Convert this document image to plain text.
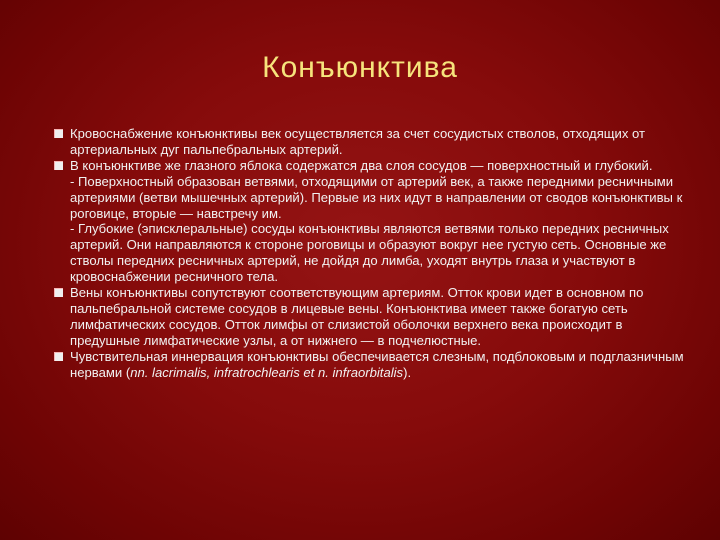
Конъюнктива
Кровоснабжение конъюнктивы век осуществляется за счет сосудистых стволов, отходящих от артериальных дуг пальпебральных артерий.
В конъюнктиве же глазного яблока содержатся два слоя сосудов — поверхностный и глубокий.
- Поверхностный образован ветвями, отходящими от артерий век, а также передними ресничными артериями (ветви мышечных артерий). Первые из них идут в направлении от сводов конъюнктивы к роговице, вторые — навстречу им.
- Глубокие (эписклеральные) сосуды конъюнктивы являются ветвями только передних ресничных артерий. Они направляются к стороне роговицы и образуют вокруг нее густую сеть. Основные же стволы передних ресничных артерий, не дойдя до лимба, уходят внутрь глаза и участвуют в кровоснабжении ресничного тела.
Вены конъюнктивы сопутствуют соответствующим артериям. Отток крови идет в основном по пальпебральной системе сосудов в лицевые вены. Конъюнктива имеет также богатую сеть лимфатических сосудов. Отток лимфы от слизистой оболочки верхнего века происходит в предушные лимфатические узлы, а от нижнего — в подчелюстные.
Чувствительная иннервация конъюнктивы обеспечивается слезным, подблоковым и подглазничным нервами (nn. lacrimalis, infratrochlearis et n. infraorbitalis).
